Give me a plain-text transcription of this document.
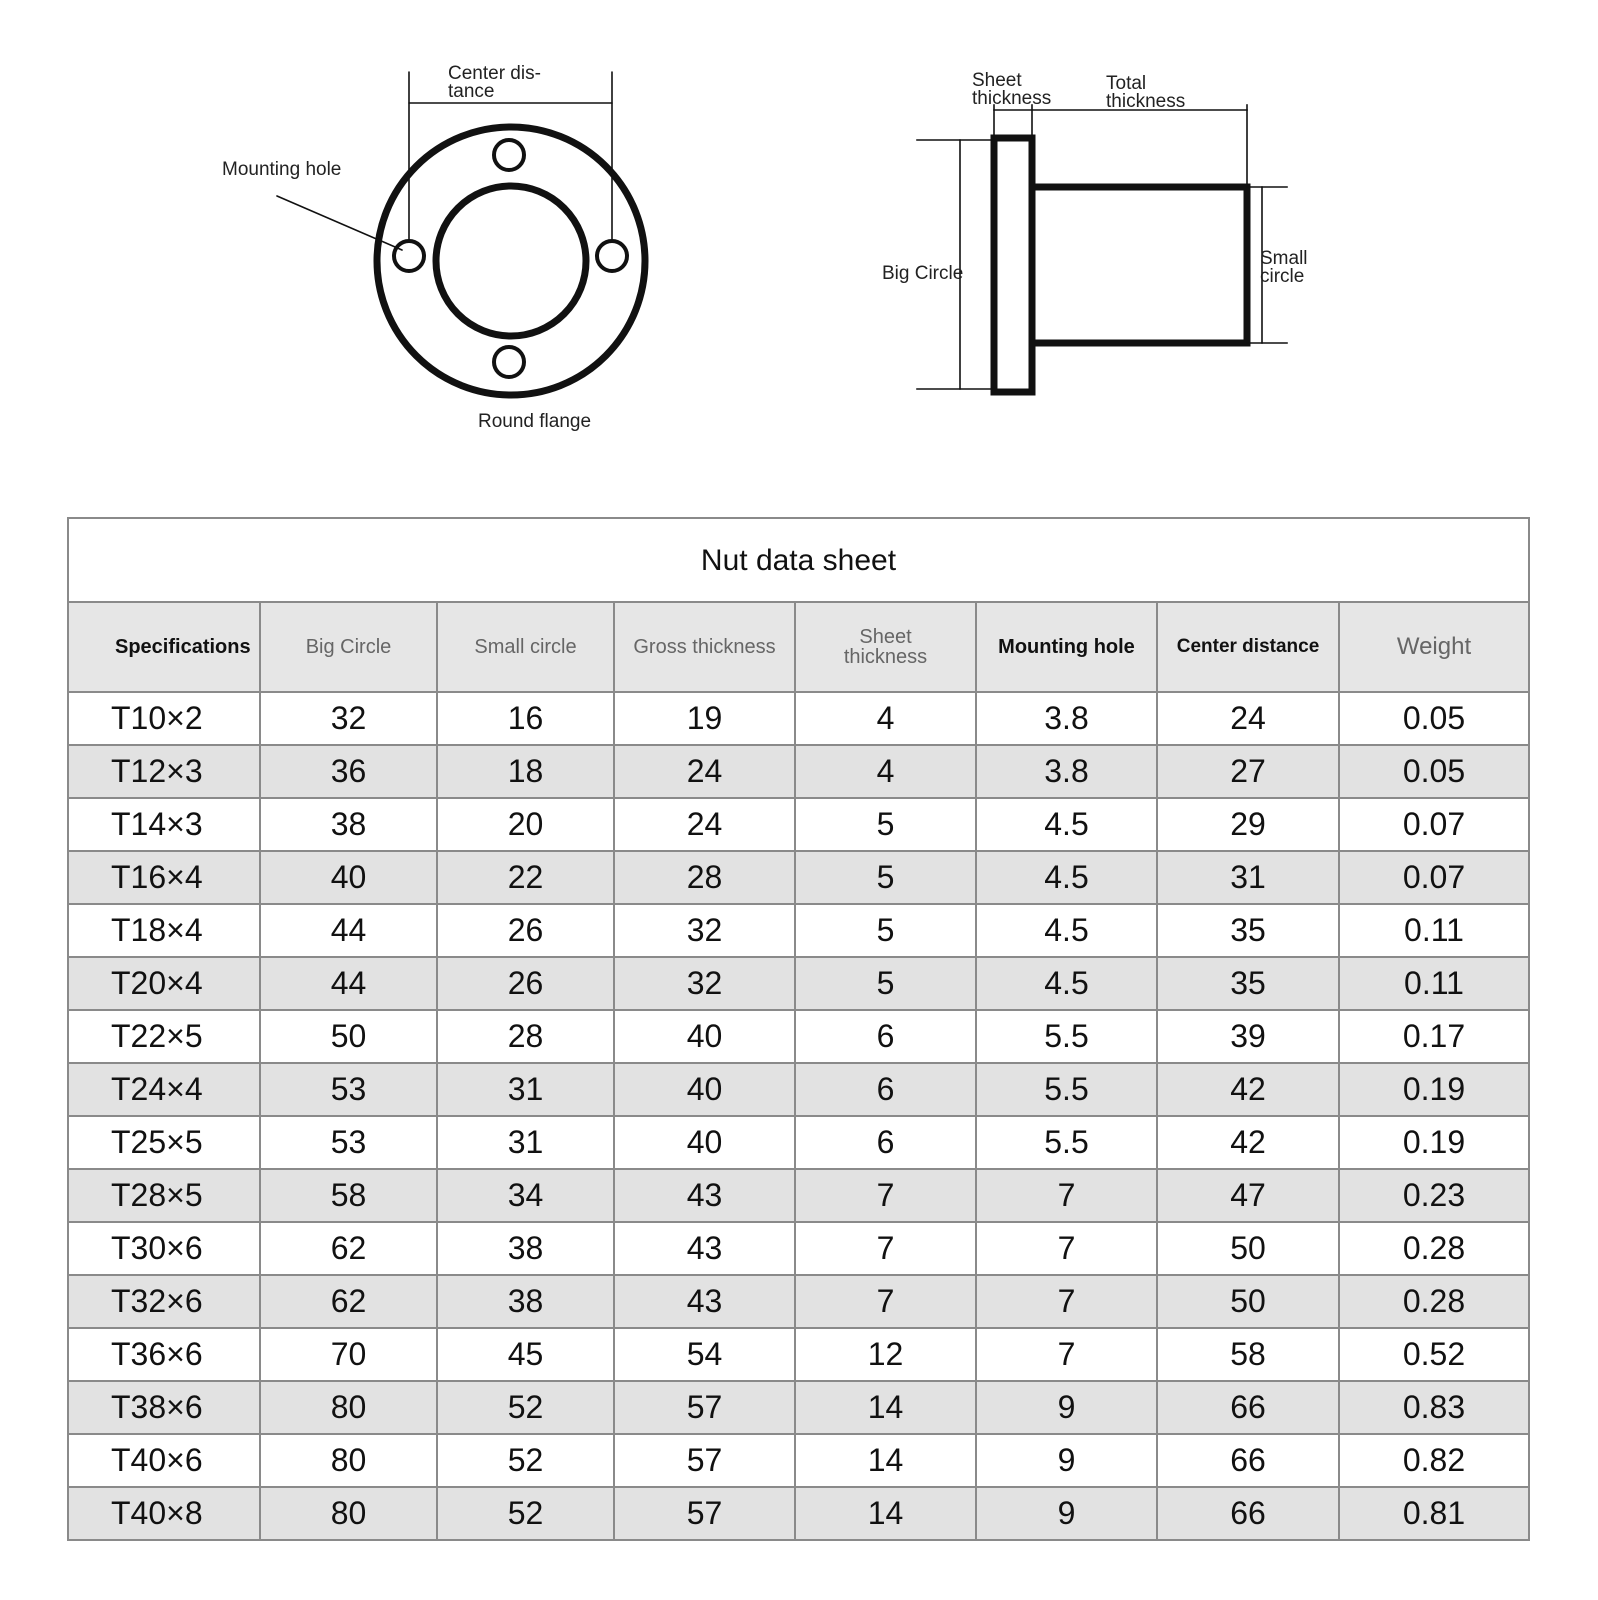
Center dis-
tance
Mounting hole
Round flange
Sheet
thickness
Total
thickness
Big Circle
Small
circle
Nut data sheet
Specifications	Big Circle	Small circle	Gross thickness	Sheet thickness	Mounting hole	Center distance	Weight
T10×2	32	16	19	4	3.8	24	0.05
T12×3	36	18	24	4	3.8	27	0.05
T14×3	38	20	24	5	4.5	29	0.07
T16×4	40	22	28	5	4.5	31	0.07
T18×4	44	26	32	5	4.5	35	0.11
T20×4	44	26	32	5	4.5	35	0.11
T22×5	50	28	40	6	5.5	39	0.17
T24×4	53	31	40	6	5.5	42	0.19
T25×5	53	31	40	6	5.5	42	0.19
T28×5	58	34	43	7	7	47	0.23
T30×6	62	38	43	7	7	50	0.28
T32×6	62	38	43	7	7	50	0.28
T36×6	70	45	54	12	7	58	0.52
T38×6	80	52	57	14	9	66	0.83
T40×6	80	52	57	14	9	66	0.82
T40×8	80	52	57	14	9	66	0.81
